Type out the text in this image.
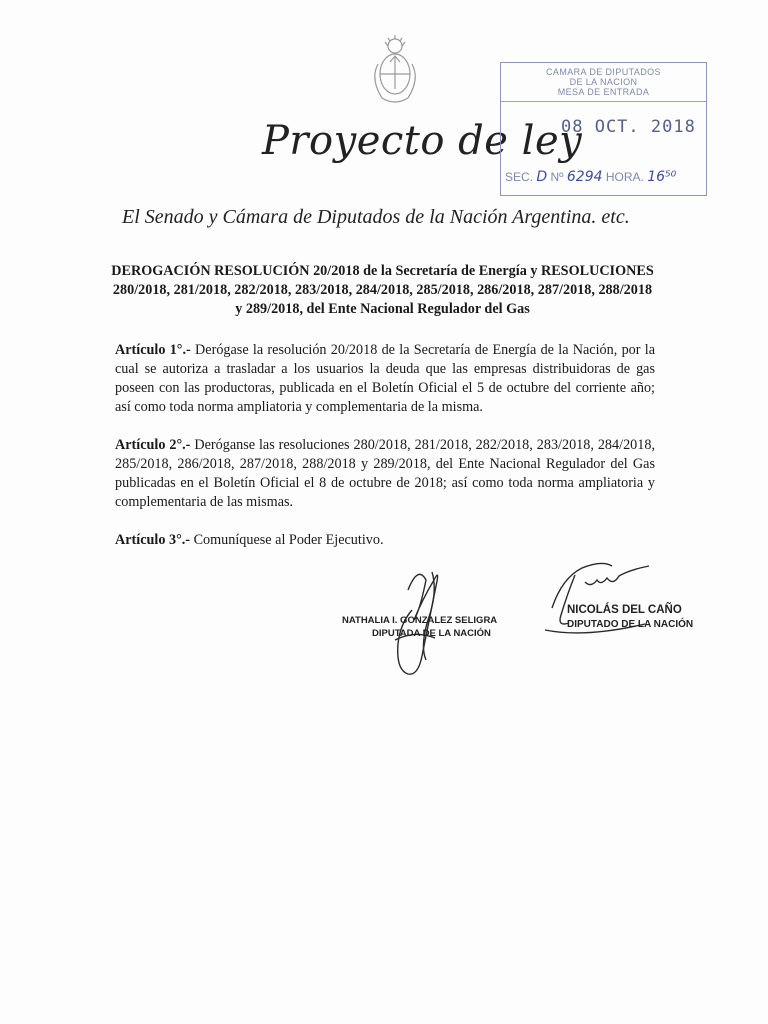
Proyecto de ley
El Senado y Cámara de Diputados de la Nación Argentina. etc.
CAMARA DE DIPUTADOS
DE LA NACION
MESA DE ENTRADA
08 OCT. 2018
SEC. D Nº 6294 HORA. 16⁵⁰
DEROGACIÓN RESOLUCIÓN 20/2018 de la Secretaría de Energía y RESOLUCIONES 280/2018, 281/2018, 282/2018, 283/2018, 284/2018, 285/2018, 286/2018, 287/2018, 288/2018 y 289/2018, del Ente Nacional Regulador del Gas
Artículo 1°.- Derógase la resolución 20/2018 de la Secretaría de Energía de la Nación, por la cual se autoriza a trasladar a los usuarios la deuda que las empresas distribuidoras de gas poseen con las productoras, publicada en el Boletín Oficial el 5 de octubre del corriente año; así como toda norma ampliatoria y complementaria de la misma.
Artículo 2°.- Deróganse las resoluciones 280/2018, 281/2018, 282/2018, 283/2018, 284/2018, 285/2018, 286/2018, 287/2018, 288/2018 y 289/2018, del Ente Nacional Regulador del Gas publicadas en el Boletín Oficial el 8 de octubre de 2018; así como toda norma ampliatoria y complementaria de las mismas.
Artículo 3°.- Comuníquese al Poder Ejecutivo.
NATHALIA I. GONZALEZ SELIGRA
DIPUTADA DE LA NACIÓN
NICOLÁS DEL CAÑO
DIPUTADO DE LA NACIÓN
